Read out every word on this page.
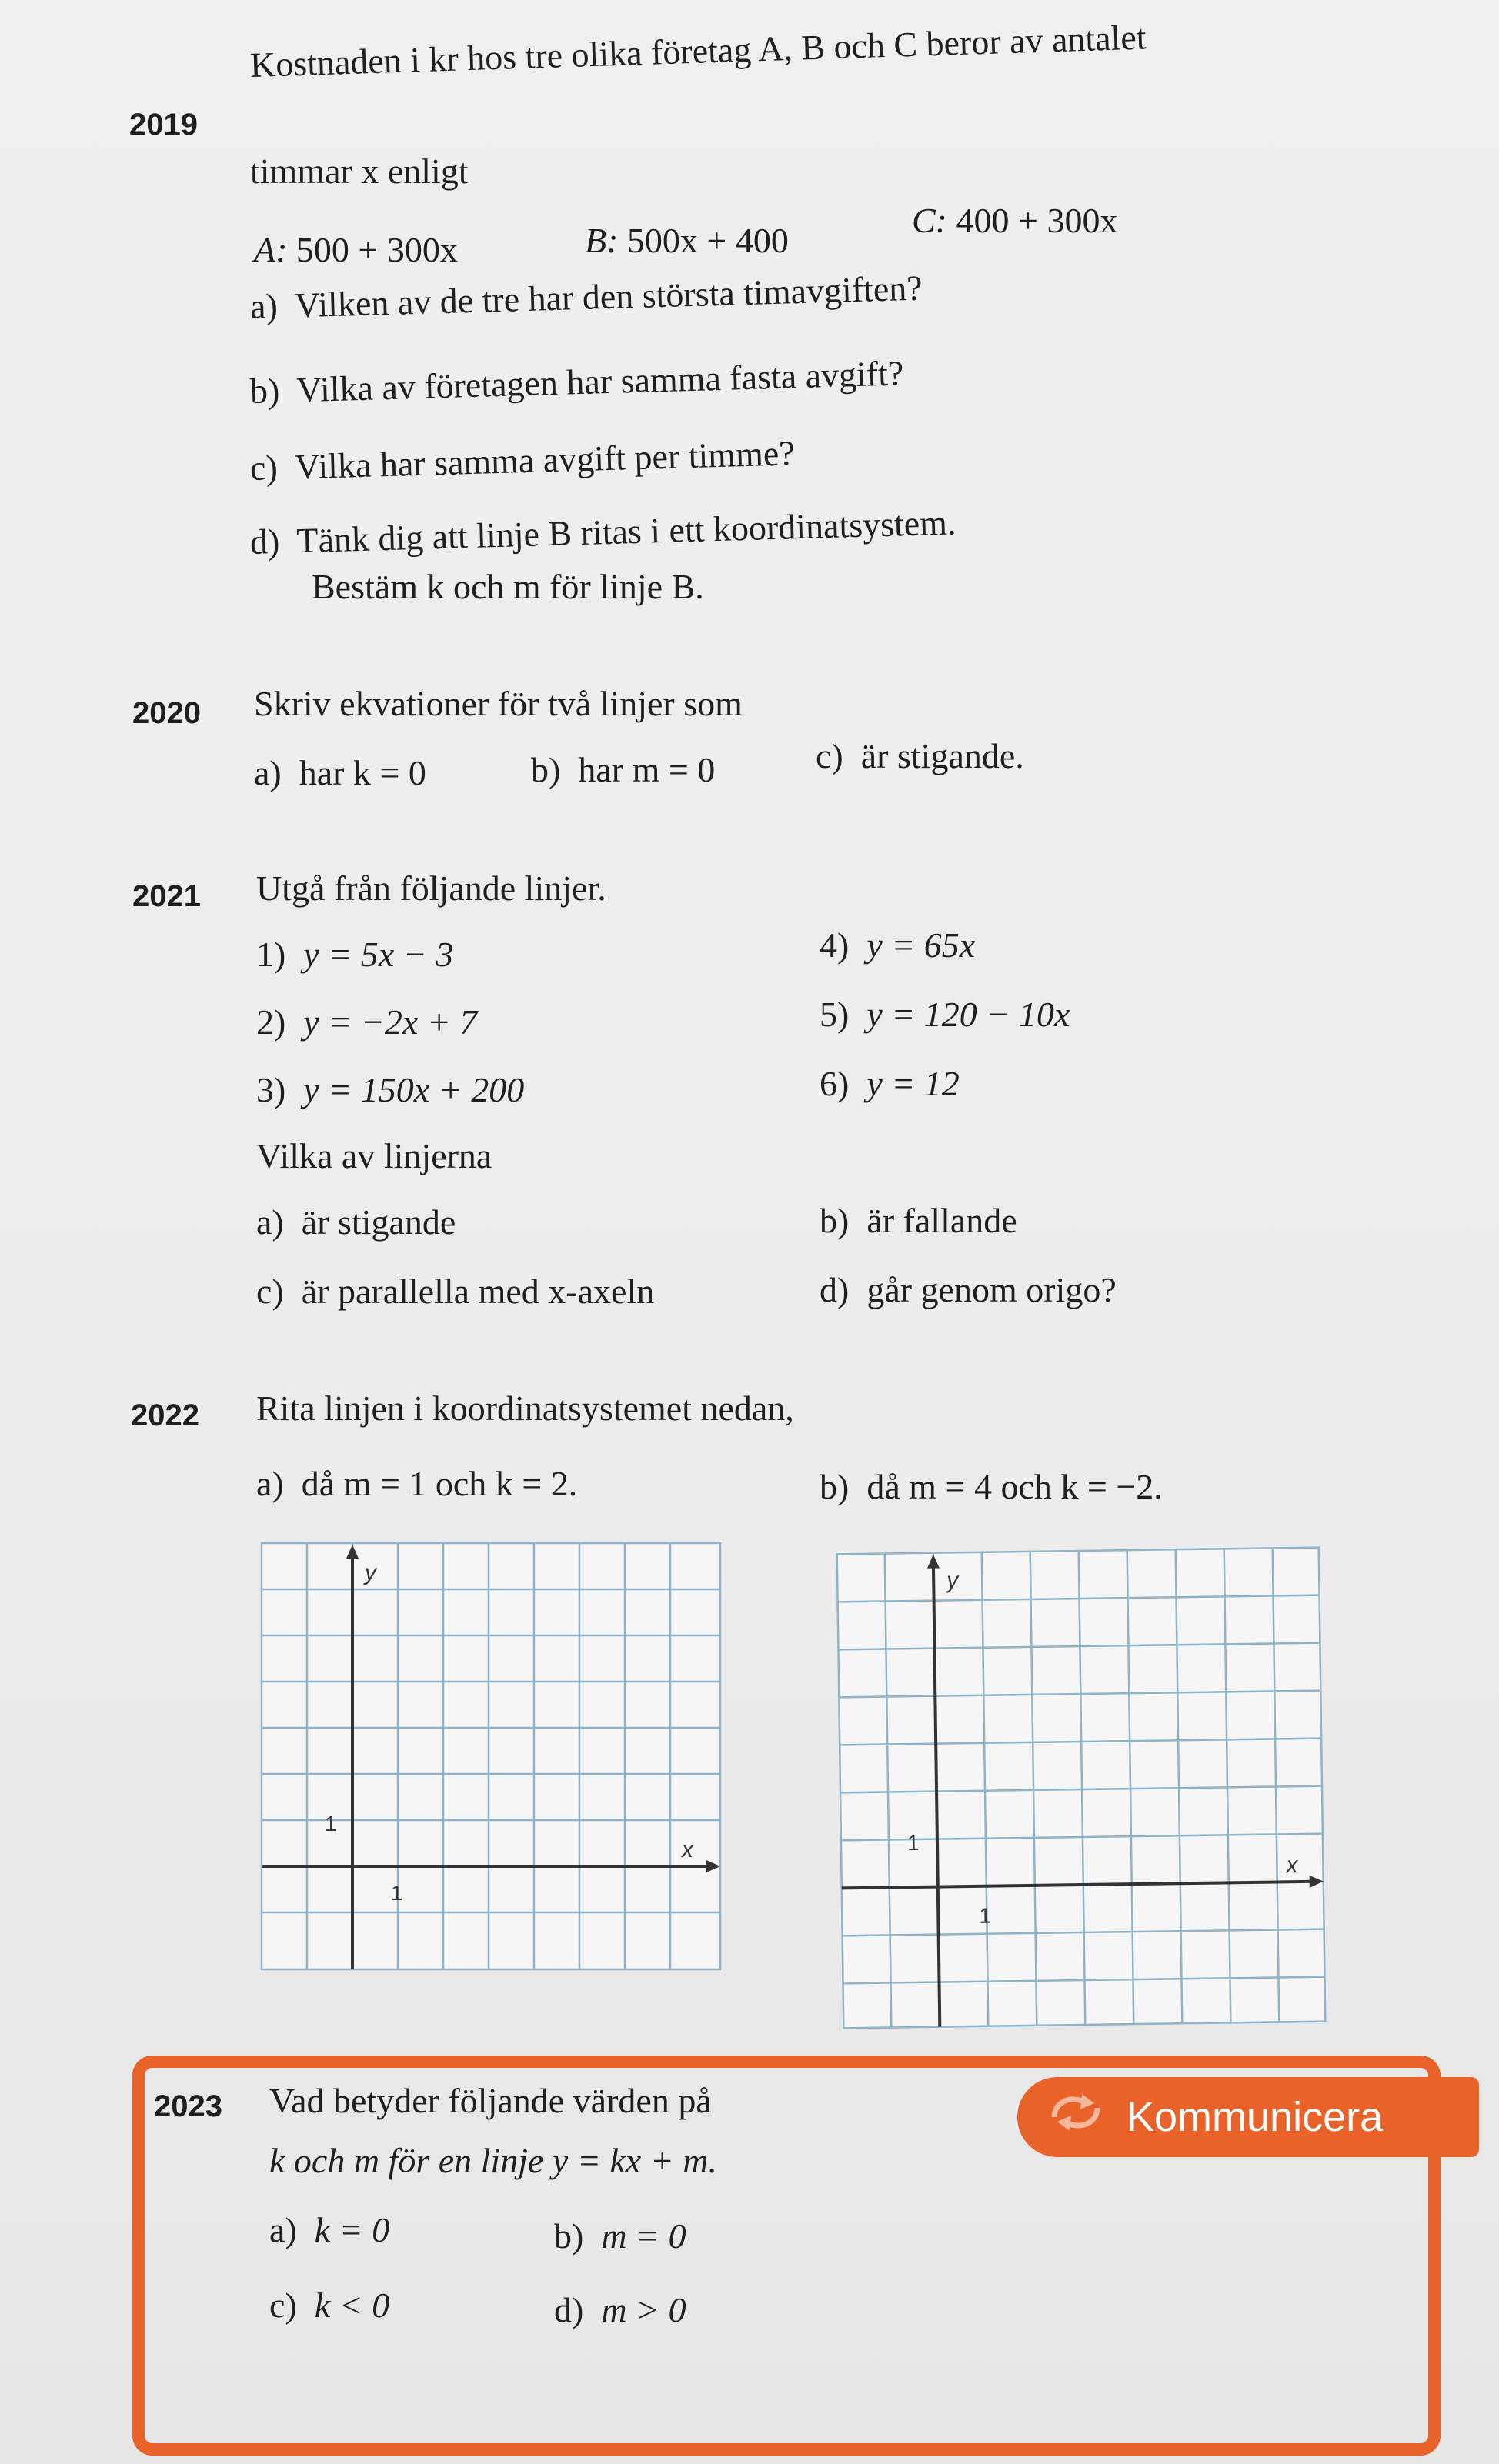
2019
Kostnaden i kr hos tre olika företag A, B och C beror av antalet
timmar x enligt
A: 500 + 300x	B: 500x + 400
C: 400 + 300x
a) Vilken av de tre har den största timavgiften?
b) Vilka av företagen har samma fasta avgift?
c) Vilka har samma avgift per timme?
d) Tänk dig att linje B ritas i ett koordinatsystem.
Bestäm k och m för linje B.
2020 Skriv ekvationer för två linjer som
a) har k = 0	b) har m = 0	c) är stigande.
2021 Utgå från följande linjer.
1) y = 5x − 3
2) y = −2x + 7
3) y = 150x + 200
4) y = 65x
5) y = 120 − 10x
6) y = 12
Vilka av linjerna
a) är stigande	b) är fallande
c) är parallella med x-axeln	d) går genom origo?
2022 Rita linjen i koordinatsystemet nedan,
a) då m = 1 och k = 2.	b) då m = 4 och k = −2.
y
x
1
1
y
x
1
1
Kommunicera
2023 Vad betyder följande värden på
k och m för en linje y = kx + m.
a) k = 0	b) m = 0
c) k < 0	d) m > 0
